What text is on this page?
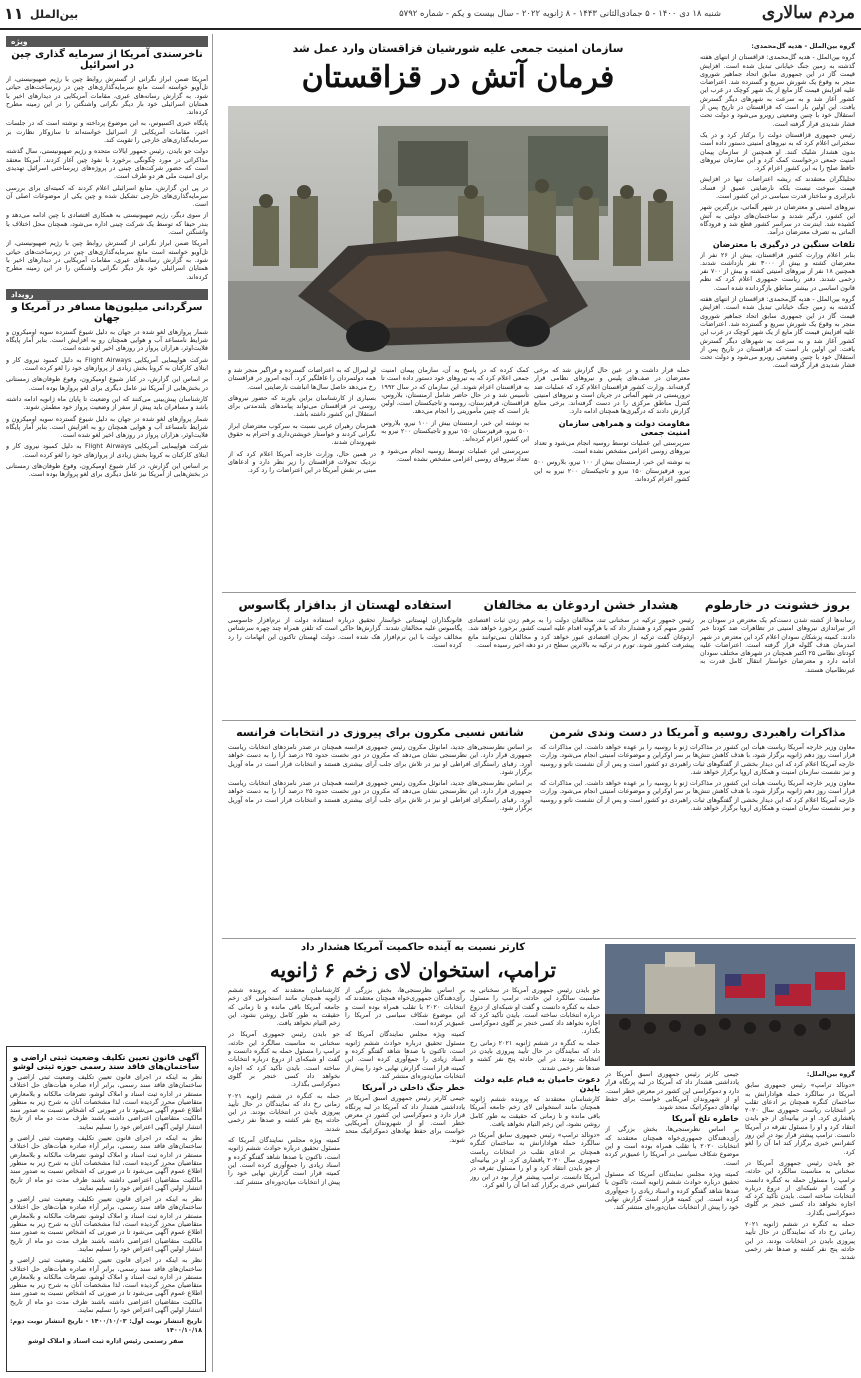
مردم سالاری
شنبه ۱۸ دی ۱۴۰۰ - ۵ جمادی‌الثانی ۱۴۴۳ - ۸ ژانویه ۲۰۲۲ - سال بیست و یکم - شماره ۵۷۹۲
بین‌الملل
۱۱
ویژه
ناخرسندی آمریکا از سرمایه گذاری چین در اسرائیل

آمریکا ضمن ابراز نگرانی از گسترش روابط چین با رژیم صهیونیستی، از تل‌آویو خواسته است مانع سرمایه‌گذاری‌های چین در زیرساخت‌های حیاتی شود. به گزارش رسانه‌های عبری، مقامات آمریکایی در دیدارهای اخیر با همتایان اسرائیلی خود بار دیگر نگرانی واشنگتن را در این زمینه مطرح کرده‌اند.

پایگاه خبری اکسیوس، به این موضوع پرداخته و نوشته است که در جلسات اخیر، مقامات آمریکایی از اسرائیل خواسته‌اند تا سازوکار نظارت بر سرمایه‌گذاری‌های خارجی را تقویت کند.

دولت جو بایدن، رئیس جمهور ایالات متحده و رژیم صهیونیستی، سال گذشته مذاکراتی در مورد چگونگی برخورد با نفوذ چین آغاز کردند. آمریکا معتقد است که حضور شرکت‌های چینی در پروژه‌های زیرساختی اسرائیل تهدیدی برای امنیت ملی هر دو طرف است.

در پی این گزارش، منابع اسرائیلی اعلام کردند که کمیته‌ای برای بررسی سرمایه‌گذاری‌های خارجی تشکیل شده و چین یکی از موضوعات اصلی آن است.

از سوی دیگر، رژیم صهیونیستی به همکاری اقتصادی با چین ادامه می‌دهد و بندر حیفا که توسط یک شرکت چینی اداره می‌شود، همچنان محل اختلاف با واشنگتن است.

آمریکا ضمن ابراز نگرانی از گسترش روابط چین با رژیم صهیونیستی، از تل‌آویو خواسته است مانع سرمایه‌گذاری‌های چین در زیرساخت‌های حیاتی شود. به گزارش رسانه‌های عبری، مقامات آمریکایی در دیدارهای اخیر با همتایان اسرائیلی خود بار دیگر نگرانی واشنگتن را در این زمینه مطرح کرده‌اند.

رویداد
سرگردانی میلیون‌ها مسافر در آمریکا و جهان

شمار پروازهای لغو شده در جهان به دلیل شیوع گسترده سویه اومیکرون و شرایط نامساعد آب و هوایی همچنان رو به افزایش است. بنابر آمار پایگاه فلایت‌اوئر، هزاران پرواز در روزهای اخیر لغو شده است.

شرکت هواپیمایی آمریکایی Flight Airways به دلیل کمبود نیروی کار و ابتلای کارکنان به کرونا بخش زیادی از پروازهای خود را لغو کرده است.

بر اساس این گزارش، در کنار شیوع اومیکرون، وقوع طوفان‌های زمستانی در بخش‌هایی از آمریکا نیز عامل دیگری برای لغو پروازها بوده است.

کارشناسان پیش‌بینی می‌کنند که این وضعیت تا پایان ماه ژانویه ادامه داشته باشد و مسافران باید پیش از سفر از وضعیت پرواز خود مطمئن شوند.

شمار پروازهای لغو شده در جهان به دلیل شیوع گسترده سویه اومیکرون و شرایط نامساعد آب و هوایی همچنان رو به افزایش است. بنابر آمار پایگاه فلایت‌اوئر، هزاران پرواز در روزهای اخیر لغو شده است.

شرکت هواپیمایی آمریکایی Flight Airways به دلیل کمبود نیروی کار و ابتلای کارکنان به کرونا بخش زیادی از پروازهای خود را لغو کرده است.

بر اساس این گزارش، در کنار شیوع اومیکرون، وقوع طوفان‌های زمستانی در بخش‌هایی از آمریکا نیز عامل دیگری برای لغو پروازها بوده است.

آگهی قانون تعیین تکلیف وضعیت ثبتی اراضی و ساختمان‌های فاقد سند رسمی حوزه ثبتی لوشو

نظر به اینکه در اجرای قانون تعیین تکلیف وضعیت ثبتی اراضی و ساختمان‌های فاقد سند رسمی، برابر آراء صادره هیأت‌های حل اختلاف مستقر در اداره ثبت اسناد و املاک لوشو، تصرفات مالکانه و بلامعارض متقاضیان محرز گردیده است، لذا مشخصات آنان به شرح زیر به منظور اطلاع عموم آگهی می‌شود تا در صورتی که اشخاص نسبت به صدور سند مالکیت متقاضیان اعتراضی داشته باشند ظرف مدت دو ماه از تاریخ انتشار اولین آگهی اعتراض خود را تسلیم نمایند.

نظر به اینکه در اجرای قانون تعیین تکلیف وضعیت ثبتی اراضی و ساختمان‌های فاقد سند رسمی، برابر آراء صادره هیأت‌های حل اختلاف مستقر در اداره ثبت اسناد و املاک لوشو، تصرفات مالکانه و بلامعارض متقاضیان محرز گردیده است، لذا مشخصات آنان به شرح زیر به منظور اطلاع عموم آگهی می‌شود تا در صورتی که اشخاص نسبت به صدور سند مالکیت متقاضیان اعتراضی داشته باشند ظرف مدت دو ماه از تاریخ انتشار اولین آگهی اعتراض خود را تسلیم نمایند.

نظر به اینکه در اجرای قانون تعیین تکلیف وضعیت ثبتی اراضی و ساختمان‌های فاقد سند رسمی، برابر آراء صادره هیأت‌های حل اختلاف مستقر در اداره ثبت اسناد و املاک لوشو، تصرفات مالکانه و بلامعارض متقاضیان محرز گردیده است، لذا مشخصات آنان به شرح زیر به منظور اطلاع عموم آگهی می‌شود تا در صورتی که اشخاص نسبت به صدور سند مالکیت متقاضیان اعتراضی داشته باشند ظرف مدت دو ماه از تاریخ انتشار اولین آگهی اعتراض خود را تسلیم نمایند.

نظر به اینکه در اجرای قانون تعیین تکلیف وضعیت ثبتی اراضی و ساختمان‌های فاقد سند رسمی، برابر آراء صادره هیأت‌های حل اختلاف مستقر در اداره ثبت اسناد و املاک لوشو، تصرفات مالکانه و بلامعارض متقاضیان محرز گردیده است، لذا مشخصات آنان به شرح زیر به منظور اطلاع عموم آگهی می‌شود تا در صورتی که اشخاص نسبت به صدور سند مالکیت متقاضیان اعتراضی داشته باشند ظرف مدت دو ماه از تاریخ انتشار اولین آگهی اعتراض خود را تسلیم نمایند.

تاریخ انتشار نوبت اول: ۱۴۰۰/۱۰/۰۳ - تاریخ انتشار نوبت دوم: ۱۴۰۰/۱۰/۱۸

صفر رستمی رئیس اداره ثبت اسناد و املاک لوشو

سازمان امنیت جمعی علیه شورشیان قزاقستان وارد عمل شد
فرمان آتش در قزاقستان

گروه بین‌الملل - هدیه گل‌محمدی:

گروه بین‌الملل - هدیه گل‌محمدی: قزاقستان از انتهای هفته گذشته به زمین جنگ خیابانی تبدیل شده است. افزایش قیمت گاز در این جمهوری سابق اتحاد جماهیر شوروی منجر به وقوع یک شورش سریع و گسترده شد. اعتراضات علیه افزایش قیمت گاز مایع از یک شهر کوچک در غرب این کشور آغاز شد و به سرعت به شهرهای دیگر گسترش یافت. این اولین بار است که قزاقستان در تاریخ پس از استقلال خود با چنین وضعیتی روبرو می‌شود و دولت تحت فشار شدیدی قرار گرفته است.

رئیس جمهوری قزاقستان دولت را برکنار کرد و در یک سخنرانی اعلام کرد که به نیروهای امنیتی دستور داده است بدون هشدار شلیک کنند. او همچنین از سازمان پیمان امنیت جمعی درخواست کمک کرد و این سازمان نیروهای حافظ صلح را به این کشور اعزام کرد.

تحلیلگران معتقدند که ریشه اعتراضات تنها در افزایش قیمت سوخت نیست بلکه نارضایتی عمیق از فساد، نابرابری و ساختار قدرت سیاسی در این کشور است.

نیروهای امنیتی و معترضان در شهر آلماتی، بزرگترین شهر این کشور، درگیر شدند و ساختمان‌های دولتی به آتش کشیده شد. اینترنت در سراسر کشور قطع شد و فرودگاه آلماتی به تصرف معترضان درآمد.

تلفات سنگین در درگیری با معترضان

بنابر اعلام وزارت کشور قزاقستان، بیش از ۲۶ نفر از معترضان کشته و بیش از ۳۰۰۰ نفر بازداشت شدند. همچنین ۱۸ نفر از نیروهای امنیتی کشته و بیش از ۷۰۰ نفر زخمی شدند. دفتر ریاست جمهوری اعلام کرد که نظم قانون اساسی در بیشتر مناطق بازگردانده شده است.

گروه بین‌الملل - هدیه گل‌محمدی: قزاقستان از انتهای هفته گذشته به زمین جنگ خیابانی تبدیل شده است. افزایش قیمت گاز در این جمهوری سابق اتحاد جماهیر شوروی منجر به وقوع یک شورش سریع و گسترده شد. اعتراضات علیه افزایش قیمت گاز مایع از یک شهر کوچک در غرب این کشور آغاز شد و به سرعت به شهرهای دیگر گسترش یافت. این اولین بار است که قزاقستان در تاریخ پس از استقلال خود با چنین وضعیتی روبرو می‌شود و دولت تحت فشار شدیدی قرار گرفته است.

حمله قرار داشت و در عین حال گزارش شد که برخی معترضان در صف‌های پلیس و نیروهای نظامی قرار گرفته‌اند. وزارت کشور قزاقستان اعلام کرد که عملیات ضد تروریستی در شهر آلماتی در جریان است و نیروهای امنیتی کنترل مناطق مرکزی را در دست گرفته‌اند. برخی منابع گزارش دادند که درگیری‌ها همچنان ادامه دارد.

مقاومت دولت و همراهی سازمان امنیت جمعی

سرپرستی این عملیات توسط روسیه انجام می‌شود و تعداد نیروهای روسی اعزامی مشخص نشده است.

به نوشته این خبر، ارمنستان بیش از ۱۰۰ نیرو، بلاروس ۵۰۰ نیرو، قرقیزستان ۱۵۰ نیرو و تاجیکستان ۲۰۰ نیرو به این کشور اعزام کرده‌اند.

کمک کرده که در پاسخ به آن، سازمان پیمان امنیت جمعی اعلام کرد که به نیروهای خود دستور داده است تا به قزاقستان اعزام شوند. این سازمان که در سال ۱۹۹۲ تأسیس شد و در حال حاضر شامل ارمنستان، بلاروس، قزاقستان، قرقیزستان، روسیه و تاجیکستان است، اولین بار است که چنین مأموریتی را انجام می‌دهد.

به نوشته این خبر، ارمنستان بیش از ۱۰۰ نیرو، بلاروس ۵۰۰ نیرو، قرقیزستان ۱۵۰ نیرو و تاجیکستان ۲۰۰ نیرو به این کشور اعزام کرده‌اند.

سرپرستی این عملیات توسط روسیه انجام می‌شود و تعداد نیروهای روسی اعزامی مشخص نشده است.

لو لیبرال که به اعتراضات گسترده و فراگیر منجر شد و همه دولتمردان را غافلگیر کرد. آنچه امروز در قزاقستان رخ می‌دهد حاصل سال‌ها انباشت نارضایتی است.

بسیاری از کارشناسان براین باورند که حضور نیروهای روسی در قزاقستان می‌تواند پیامدهای بلندمدتی برای استقلال این کشور داشته باشد.

همزمان رهبران غربی نسبت به سرکوب معترضان ابراز نگرانی کردند و خواستار خویشتن‌داری و احترام به حقوق شهروندان شدند.

در همین حال، وزارت خارجه آمریکا اعلام کرد که از نزدیک تحولات قزاقستان را زیر نظر دارد و ادعاهای مبنی بر نقش آمریکا در این اعتراضات را رد کرد.

بروز خشونت در خارطوم

رسانه‌ها از کشته شدن دست‌کم یک معترض در سودان بر اثر تیراندازی نیروهای امنیتی در تظاهرات ضد کودتا خبر دادند. کمیته پزشکان سودان اعلام کرد این معترض در شهر امدرمان هدف گلوله قرار گرفته است. اعتراضات علیه کودتای نظامی ۲۵ اکتبر همچنان در شهرهای مختلف سودان ادامه دارد و معترضان خواستار انتقال کامل قدرت به غیرنظامیان هستند.

هشدار خشن اردوغان به مخالفان

رئیس جمهور ترکیه در سخنانی تند، مخالفان دولت را به برهم زدن ثبات اقتصادی کشور متهم کرد و هشدار داد که با هرگونه اقدام علیه امنیت کشور برخورد خواهد شد. اردوغان گفت ترکیه از بحران اقتصادی عبور خواهد کرد و مخالفان نمی‌توانند مانع پیشرفت کشور شوند. تورم در ترکیه به بالاترین سطح در دو دهه اخیر رسیده است.

استفاده لهستان از بدافزار پگاسوس

قانونگذاران لهستانی خواستار تحقیق درباره استفاده دولت از نرم‌افزار جاسوسی پگاسوس علیه مخالفان شدند. گزارش‌ها حاکی است که تلفن همراه چند چهره سرشناس مخالف دولت با این نرم‌افزار هک شده است. دولت لهستان تاکنون این اتهامات را رد کرده است.

مذاکرات راهبردی روسیه و آمریکا در دست وندی شرمن

معاون وزیر خارجه آمریکا ریاست هیأت این کشور در مذاکرات ژنو با روسیه را بر عهده خواهد داشت. این مذاکرات که قرار است روز دهم ژانویه برگزار شود، با هدف کاهش تنش‌ها بر سر اوکراین و موضوعات امنیتی انجام می‌شود. وزارت خارجه آمریکا اعلام کرد که این دیدار بخشی از گفتگوهای ثبات راهبردی دو کشور است و پس از آن نشست ناتو و روسیه و نیز نشست سازمان امنیت و همکاری اروپا برگزار خواهد شد.

معاون وزیر خارجه آمریکا ریاست هیأت این کشور در مذاکرات ژنو با روسیه را بر عهده خواهد داشت. این مذاکرات که قرار است روز دهم ژانویه برگزار شود، با هدف کاهش تنش‌ها بر سر اوکراین و موضوعات امنیتی انجام می‌شود. وزارت خارجه آمریکا اعلام کرد که این دیدار بخشی از گفتگوهای ثبات راهبردی دو کشور است و پس از آن نشست ناتو و روسیه و نیز نشست سازمان امنیت و همکاری اروپا برگزار خواهد شد.

شانس نسبی مکرون برای پیروزی در انتخابات فرانسه

بر اساس نظرسنجی‌های جدید، امانوئل مکرون رئیس جمهوری فرانسه همچنان در صدر نامزدهای انتخابات ریاست جمهوری قرار دارد. این نظرسنجی نشان می‌دهد که مکرون در دور نخست حدود ۲۵ درصد آرا را به دست خواهد آورد. رقبای راستگرای افراطی او نیز در تلاش برای جلب آرای بیشتری هستند و انتخابات قرار است در ماه آوریل برگزار شود.

بر اساس نظرسنجی‌های جدید، امانوئل مکرون رئیس جمهوری فرانسه همچنان در صدر نامزدهای انتخابات ریاست جمهوری قرار دارد. این نظرسنجی نشان می‌دهد که مکرون در دور نخست حدود ۲۵ درصد آرا را به دست خواهد آورد. رقبای راستگرای افراطی او نیز در تلاش برای جلب آرای بیشتری هستند و انتخابات قرار است در ماه آوریل برگزار شود.

کارتر نسبت به آینده حاکمیت آمریکا هشدار داد
ترامپ، استخوان لای زخم ۶ ژانویه

گروه بین‌الملل:

«دونالد ترامپ» رئیس جمهوری سابق آمریکا در سالگرد حمله هوادارانش به ساختمان کنگره همچنان بر ادعای تقلب در انتخابات ریاست جمهوری سال ۲۰۲۰ پافشاری کرد. او در بیانیه‌ای از جو بایدن انتقاد کرد و او را مسئول تفرقه در آمریکا دانست. ترامپ پیشتر قرار بود در این روز کنفرانس خبری برگزار کند اما آن را لغو کرد.

جو بایدن رئیس جمهوری آمریکا در سخنانی به مناسبت سالگرد این حادثه، ترامپ را مسئول حمله به کنگره دانست و گفت او شبکه‌ای از دروغ درباره انتخابات ساخته است. بایدن تأکید کرد که اجازه نخواهد داد کسی خنجر بر گلوی دموکراسی بگذارد.

حمله به کنگره در ششم ژانویه ۲۰۲۱ زمانی رخ داد که نمایندگان در حال تأیید پیروزی بایدن در انتخابات بودند. در این حادثه پنج نفر کشته و صدها نفر زخمی شدند.

جیمی کارتر رئیس جمهوری اسبق آمریکا در یادداشتی هشدار داد که آمریکا در لبه پرتگاه قرار دارد و دموکراسی این کشور در معرض خطر است. او از شهروندان آمریکایی خواست برای حفظ نهادهای دموکراتیک متحد شوند.

خاطره تلخ آمریکا

بر اساس نظرسنجی‌ها، بخش بزرگی از رأی‌دهندگان جمهوری‌خواه همچنان معتقدند که انتخابات ۲۰۲۰ با تقلب همراه بوده است و این موضوع شکاف سیاسی در آمریکا را عمیق‌تر کرده است.

کمیته ویژه مجلس نمایندگان آمریکا که مسئول تحقیق درباره حوادث ششم ژانویه است، تاکنون با صدها شاهد گفتگو کرده و اسناد زیادی را جمع‌آوری کرده است. این کمیته قرار است گزارش نهایی خود را پیش از انتخابات میان‌دوره‌ای منتشر کند.

جو بایدن رئیس جمهوری آمریکا در سخنانی به مناسبت سالگرد این حادثه، ترامپ را مسئول حمله به کنگره دانست و گفت او شبکه‌ای از دروغ درباره انتخابات ساخته است. بایدن تأکید کرد که اجازه نخواهد داد کسی خنجر بر گلوی دموکراسی بگذارد.

حمله به کنگره در ششم ژانویه ۲۰۲۱ زمانی رخ داد که نمایندگان در حال تأیید پیروزی بایدن در انتخابات بودند. در این حادثه پنج نفر کشته و صدها نفر زخمی شدند.

دعوت حامیان به قیام علیه دولت بایدن

کارشناسان معتقدند که پرونده ششم ژانویه همچنان مانند استخوانی لای زخم جامعه آمریکا باقی مانده و تا زمانی که حقیقت به طور کامل روشن نشود، این زخم التیام نخواهد یافت.

«دونالد ترامپ» رئیس جمهوری سابق آمریکا در سالگرد حمله هوادارانش به ساختمان کنگره همچنان بر ادعای تقلب در انتخابات ریاست جمهوری سال ۲۰۲۰ پافشاری کرد. او در بیانیه‌ای از جو بایدن انتقاد کرد و او را مسئول تفرقه در آمریکا دانست. ترامپ پیشتر قرار بود در این روز کنفرانس خبری برگزار کند اما آن را لغو کرد.

بر اساس نظرسنجی‌ها، بخش بزرگی از رأی‌دهندگان جمهوری‌خواه همچنان معتقدند که انتخابات ۲۰۲۰ با تقلب همراه بوده است و این موضوع شکاف سیاسی در آمریکا را عمیق‌تر کرده است.

کمیته ویژه مجلس نمایندگان آمریکا که مسئول تحقیق درباره حوادث ششم ژانویه است، تاکنون با صدها شاهد گفتگو کرده و اسناد زیادی را جمع‌آوری کرده است. این کمیته قرار است گزارش نهایی خود را پیش از انتخابات میان‌دوره‌ای منتشر کند.

خطر جنگ داخلی در آمریکا

جیمی کارتر رئیس جمهوری اسبق آمریکا در یادداشتی هشدار داد که آمریکا در لبه پرتگاه قرار دارد و دموکراسی این کشور در معرض خطر است. او از شهروندان آمریکایی خواست برای حفظ نهادهای دموکراتیک متحد شوند.

کارشناسان معتقدند که پرونده ششم ژانویه همچنان مانند استخوانی لای زخم جامعه آمریکا باقی مانده و تا زمانی که حقیقت به طور کامل روشن نشود، این زخم التیام نخواهد یافت.

جو بایدن رئیس جمهوری آمریکا در سخنانی به مناسبت سالگرد این حادثه، ترامپ را مسئول حمله به کنگره دانست و گفت او شبکه‌ای از دروغ درباره انتخابات ساخته است. بایدن تأکید کرد که اجازه نخواهد داد کسی خنجر بر گلوی دموکراسی بگذارد.

حمله به کنگره در ششم ژانویه ۲۰۲۱ زمانی رخ داد که نمایندگان در حال تأیید پیروزی بایدن در انتخابات بودند. در این حادثه پنج نفر کشته و صدها نفر زخمی شدند.

کمیته ویژه مجلس نمایندگان آمریکا که مسئول تحقیق درباره حوادث ششم ژانویه است، تاکنون با صدها شاهد گفتگو کرده و اسناد زیادی را جمع‌آوری کرده است. این کمیته قرار است گزارش نهایی خود را پیش از انتخابات میان‌دوره‌ای منتشر کند.
